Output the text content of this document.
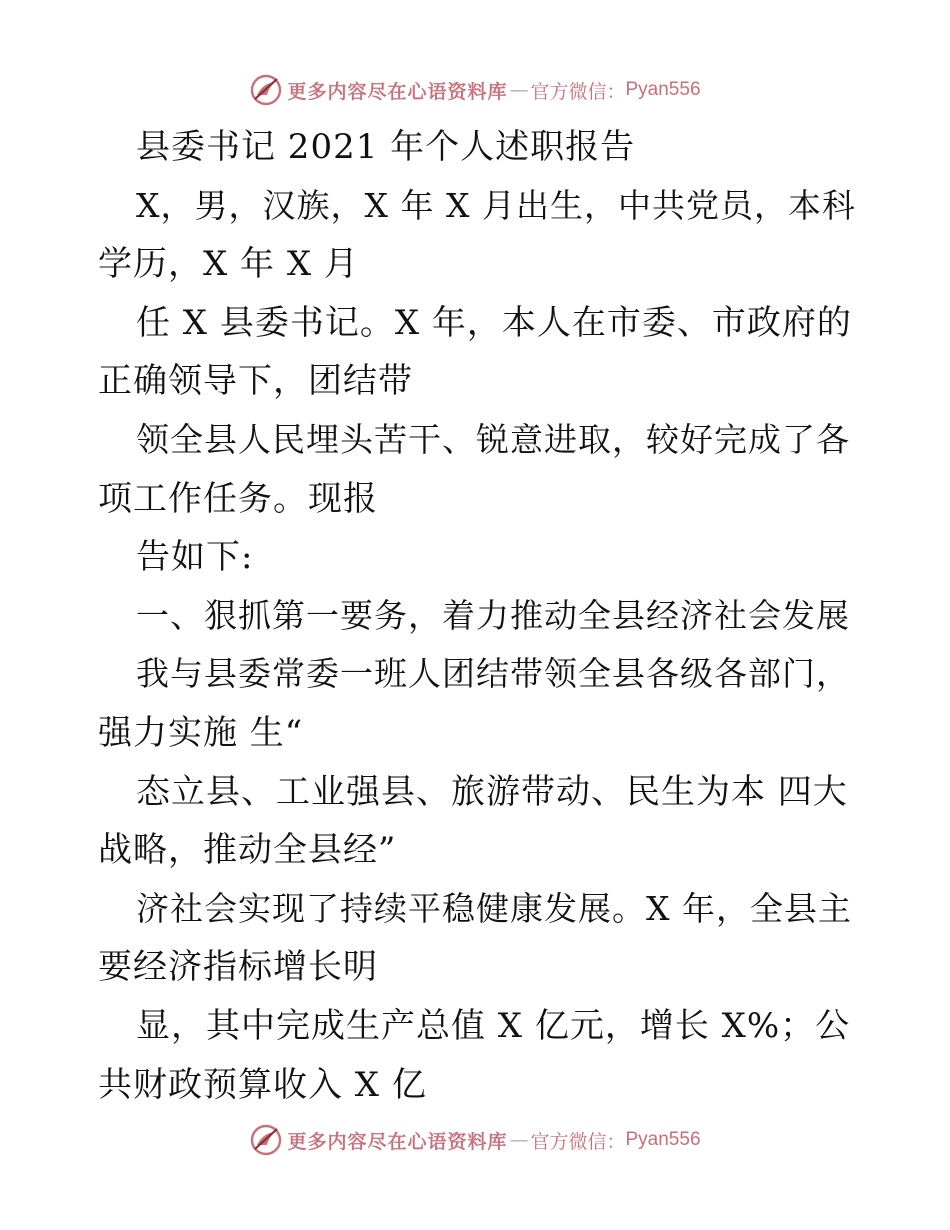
更多内容尽在心语资料库 — 官方微信： Pyan556
县委书记 2021 年个人述职报告
X，男，汉族，X 年 X 月出生，中共党员，本科
学历，X 年 X 月
任 X 县委书记。X 年，本人在市委、市政府的
正确领导下，团结带
领全县人民埋头苦干、锐意进取，较好完成了各
项工作任务。现报
告如下:
一、狠抓第一要务，着力推动全县经济社会发展
我与县委常委一班人团结带领全县各级各部门，
强力实施 生“
态立县、工业强县、旅游带动、民生为本 四大
战略，推动全县经”
济社会实现了持续平稳健康发展。X 年，全县主
要经济指标增长明
显，其中完成生产总值 X 亿元，增长 X%；公
共财政预算收入 X 亿
更多内容尽在心语资料库 — 官方微信： Pyan556
